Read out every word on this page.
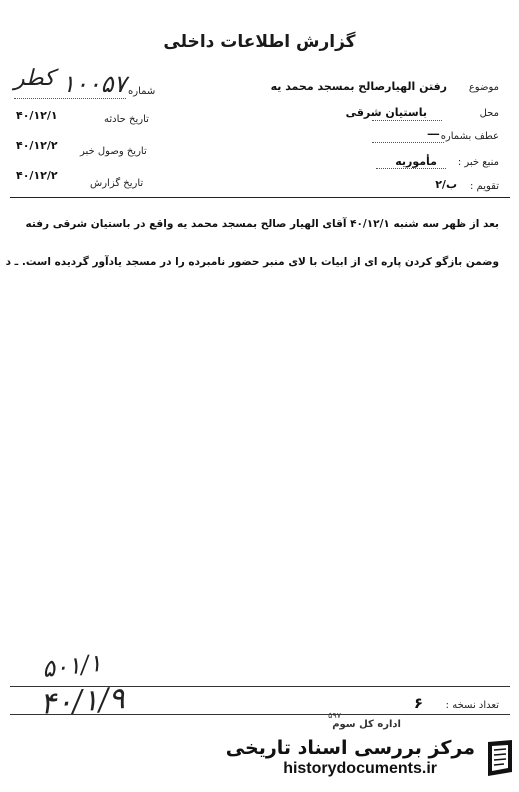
گزارش اطلاعات داخلی
موضوع
رفتن الهیارصالح بمسجد محمد یه
محل
باستیان شرقی
عطف بشماره
ـــ
منبع خبر :
مأموریه
تقویم :
ب/۲
شماره
۱۰۰۵۷
کطر
تاریخ حادثه
۴۰/۱۲/۱
تاریخ وصول خبر
۴۰/۱۲/۲
تاریخ گزارش
۴۰/۱۲/۲
بعد از ظهر سه شنبه ۴۰/۱۲/۱ آقای الهیار صالح بمسجد محمد یه واقع در باستیان شرقی رفته
وضمن بازگو کردن پاره ای از ابیات با لای منبر حضور نامبرده را در مسجد یادآور گردیده است. ـ د
۵۰۱/۱
۴۰/۱/۹	تعداد نسخه :
۶
اداره کل سوم
۵۹۷
مرکز بررسی اسناد تاریخی
historydocuments.ir
